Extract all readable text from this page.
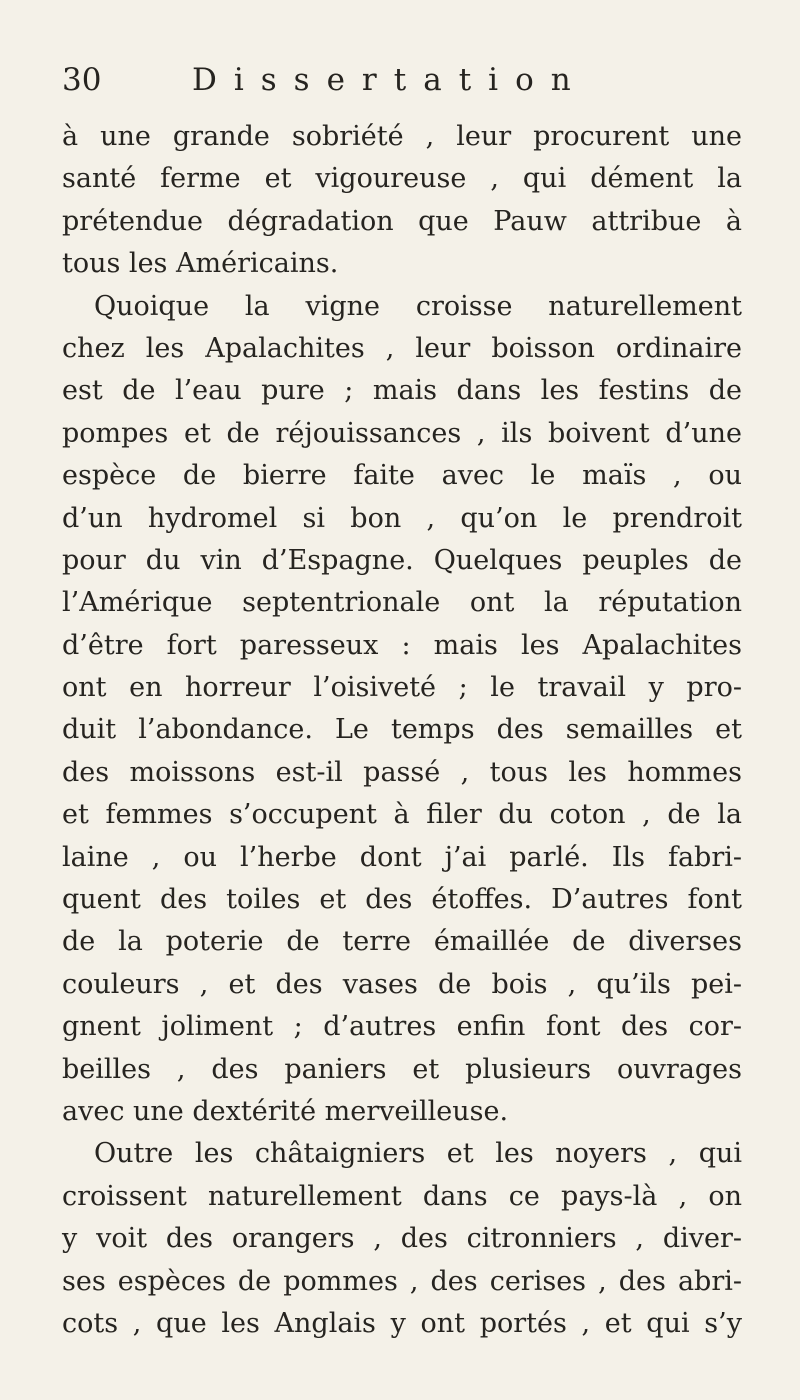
30	Dissertation
à une grande sobriété , leur procurent une
santé ferme et vigoureuse , qui dément la
prétendue dégradation que Pauw attribue à
tous les Américains.
Quoique la vigne croisse naturellement
chez les Apalachites , leur boisson ordinaire
est de l’eau pure ; mais dans les festins de
pompes et de réjouissances , ils boivent d’une
espèce de bierre faite avec le maïs , ou
d’un hydromel si bon , qu’on le prendroit
pour du vin d’Espagne. Quelques peuples de
l’Amérique septentrionale ont la réputation
d’être fort paresseux : mais les Apalachites
ont en horreur l’oisiveté ; le travail y pro-
duit l’abondance. Le temps des semailles et
des moissons est-il passé , tous les hommes
et femmes s’occupent à filer du coton , de la
laine , ou l’herbe dont j’ai parlé. Ils fabri-
quent des toiles et des étoffes. D’autres font
de la poterie de terre émaillée de diverses
couleurs , et des vases de bois , qu’ils pei-
gnent joliment ; d’autres enfin font des cor-
beilles , des paniers et plusieurs ouvrages
avec une dextérité merveilleuse.
Outre les châtaigniers et les noyers , qui
croissent naturellement dans ce pays-là , on
y voit des orangers , des citronniers , diver-
ses espèces de pommes , des cerises , des abri-
cots , que les Anglais y ont portés , et qui s’y
